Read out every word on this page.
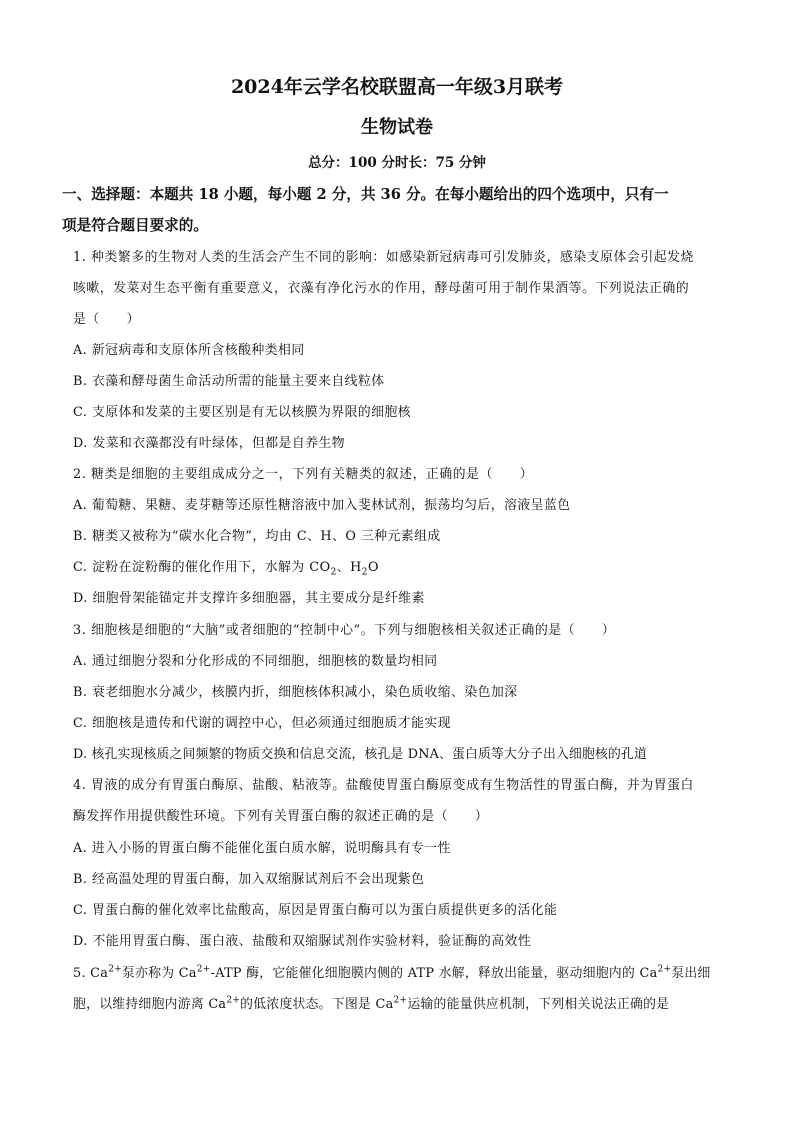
2024年云学名校联盟高一年级3月联考
生物试卷
总分：100 分时长：75 分钟
一、选择题：本题共 18 小题，每小题 2 分，共 36 分。在每小题给出的四个选项中，只有一
项是符合题目要求的。
1. 种类繁多的生物对人类的生活会产生不同的影响：如感染新冠病毒可引发肺炎，感染支原体会引起发烧
咳嗽，发菜对生态平衡有重要意义，衣藻有净化污水的作用，酵母菌可用于制作果酒等。下列说法正确的
是（　　）
A. 新冠病毒和支原体所含核酸种类相同
B. 衣藻和酵母菌生命活动所需的能量主要来自线粒体
C. 支原体和发菜的主要区别是有无以核膜为界限的细胞核
D. 发菜和衣藻都没有叶绿体，但都是自养生物
2. 糖类是细胞的主要组成成分之一，下列有关糖类的叙述，正确的是（　　）
A. 葡萄糖、果糖、麦芽糖等还原性糖溶液中加入斐林试剂，振荡均匀后，溶液呈蓝色
B. 糖类又被称为“碳水化合物”，均由 C、H、O 三种元素组成
C. 淀粉在淀粉酶的催化作用下，水解为 $CO_2$、$H_2O$
D. 细胞骨架能锚定并支撑许多细胞器，其主要成分是纤维素
3. 细胞核是细胞的“大脑”或者细胞的“控制中心”。下列与细胞核相关叙述正确的是（　　）
A. 通过细胞分裂和分化形成的不同细胞，细胞核的数量均相同
B. 衰老细胞水分减少，核膜内折，细胞核体积减小，染色质收缩、染色加深
C. 细胞核是遗传和代谢的调控中心，但必须通过细胞质才能实现
D. 核孔实现核质之间频繁的物质交换和信息交流，核孔是 DNA、蛋白质等大分子出入细胞核的孔道
4. 胃液的成分有胃蛋白酶原、盐酸、粘液等。盐酸使胃蛋白酶原变成有生物活性的胃蛋白酶，并为胃蛋白
酶发挥作用提供酸性环境。下列有关胃蛋白酶的叙述正确的是（　　）
A. 进入小肠的胃蛋白酶不能催化蛋白质水解，说明酶具有专一性
B. 经高温处理的胃蛋白酶，加入双缩脲试剂后不会出现紫色
C. 胃蛋白酶的催化效率比盐酸高，原因是胃蛋白酶可以为蛋白质提供更多的活化能
D. 不能用胃蛋白酶、蛋白液、盐酸和双缩脲试剂作实验材料，验证酶的高效性
5. $Ca^{2+}$泵亦称为 $Ca^{2+}$-ATP 酶，它能催化细胞膜内侧的 ATP 水解，释放出能量，驱动细胞内的 $Ca^{2+}$泵出细
胞，以维持细胞内游离 $Ca^{2+}$的低浓度状态。下图是 $Ca^{2+}$运输的能量供应机制，下列相关说法正确的是
